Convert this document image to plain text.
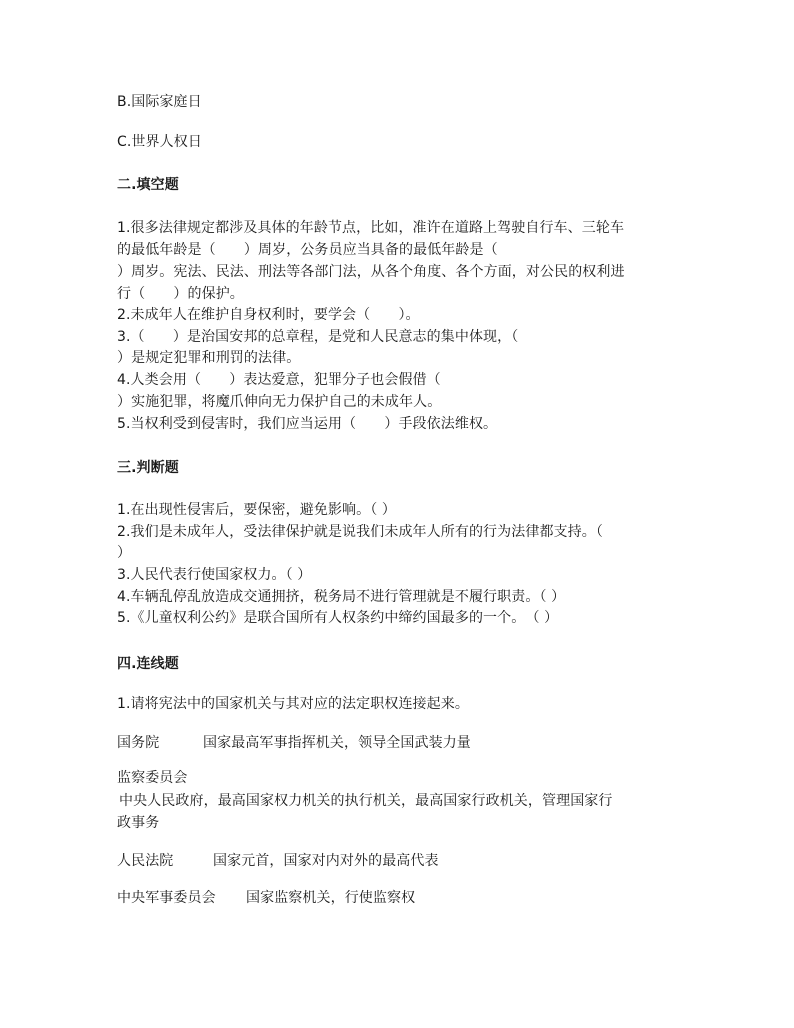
B.国际家庭日
C.世界人权日
二.填空题
1.很多法律规定都涉及具体的年龄节点，比如，准许在道路上驾驶自行车、三轮车
的最低年龄是（　　）周岁，公务员应当具备的最低年龄是（
）周岁。宪法、民法、刑法等各部门法，从各个角度、各个方面，对公民的权利进
行（　　）的保护。
2.未成年人在维护自身权利时，要学会（　　）。
3.（　　）是治国安邦的总章程，是党和人民意志的集中体现，（
）是规定犯罪和刑罚的法律。
4.人类会用（　　）表达爱意，犯罪分子也会假借（
）实施犯罪，将魔爪伸向无力保护自己的未成年人。
5.当权利受到侵害时，我们应当运用（　　）手段依法维权。
三.判断题
1.在出现性侵害后，要保密，避免影响。（ ）
2.我们是未成年人，受法律保护就是说我们未成年人所有的行为法律都支持。（
）
3.人民代表行使国家权力。（ ）
4.车辆乱停乱放造成交通拥挤，税务局不进行管理就是不履行职责。（ ）
5.《儿童权利公约》是联合国所有人权条约中缔约国最多的一个。　（ ）
四.连线题
1.请将宪法中的国家机关与其对应的法定职权连接起来。
国务院	国家最高军事指挥机关，领导全国武装力量
监察委员会
中央人民政府，最高国家权力机关的执行机关，最高国家行政机关，管理国家行
政事务
人民法院	国家元首，国家对内对外的最高代表
中央军事委员会 国家监察机关，行使监察权
